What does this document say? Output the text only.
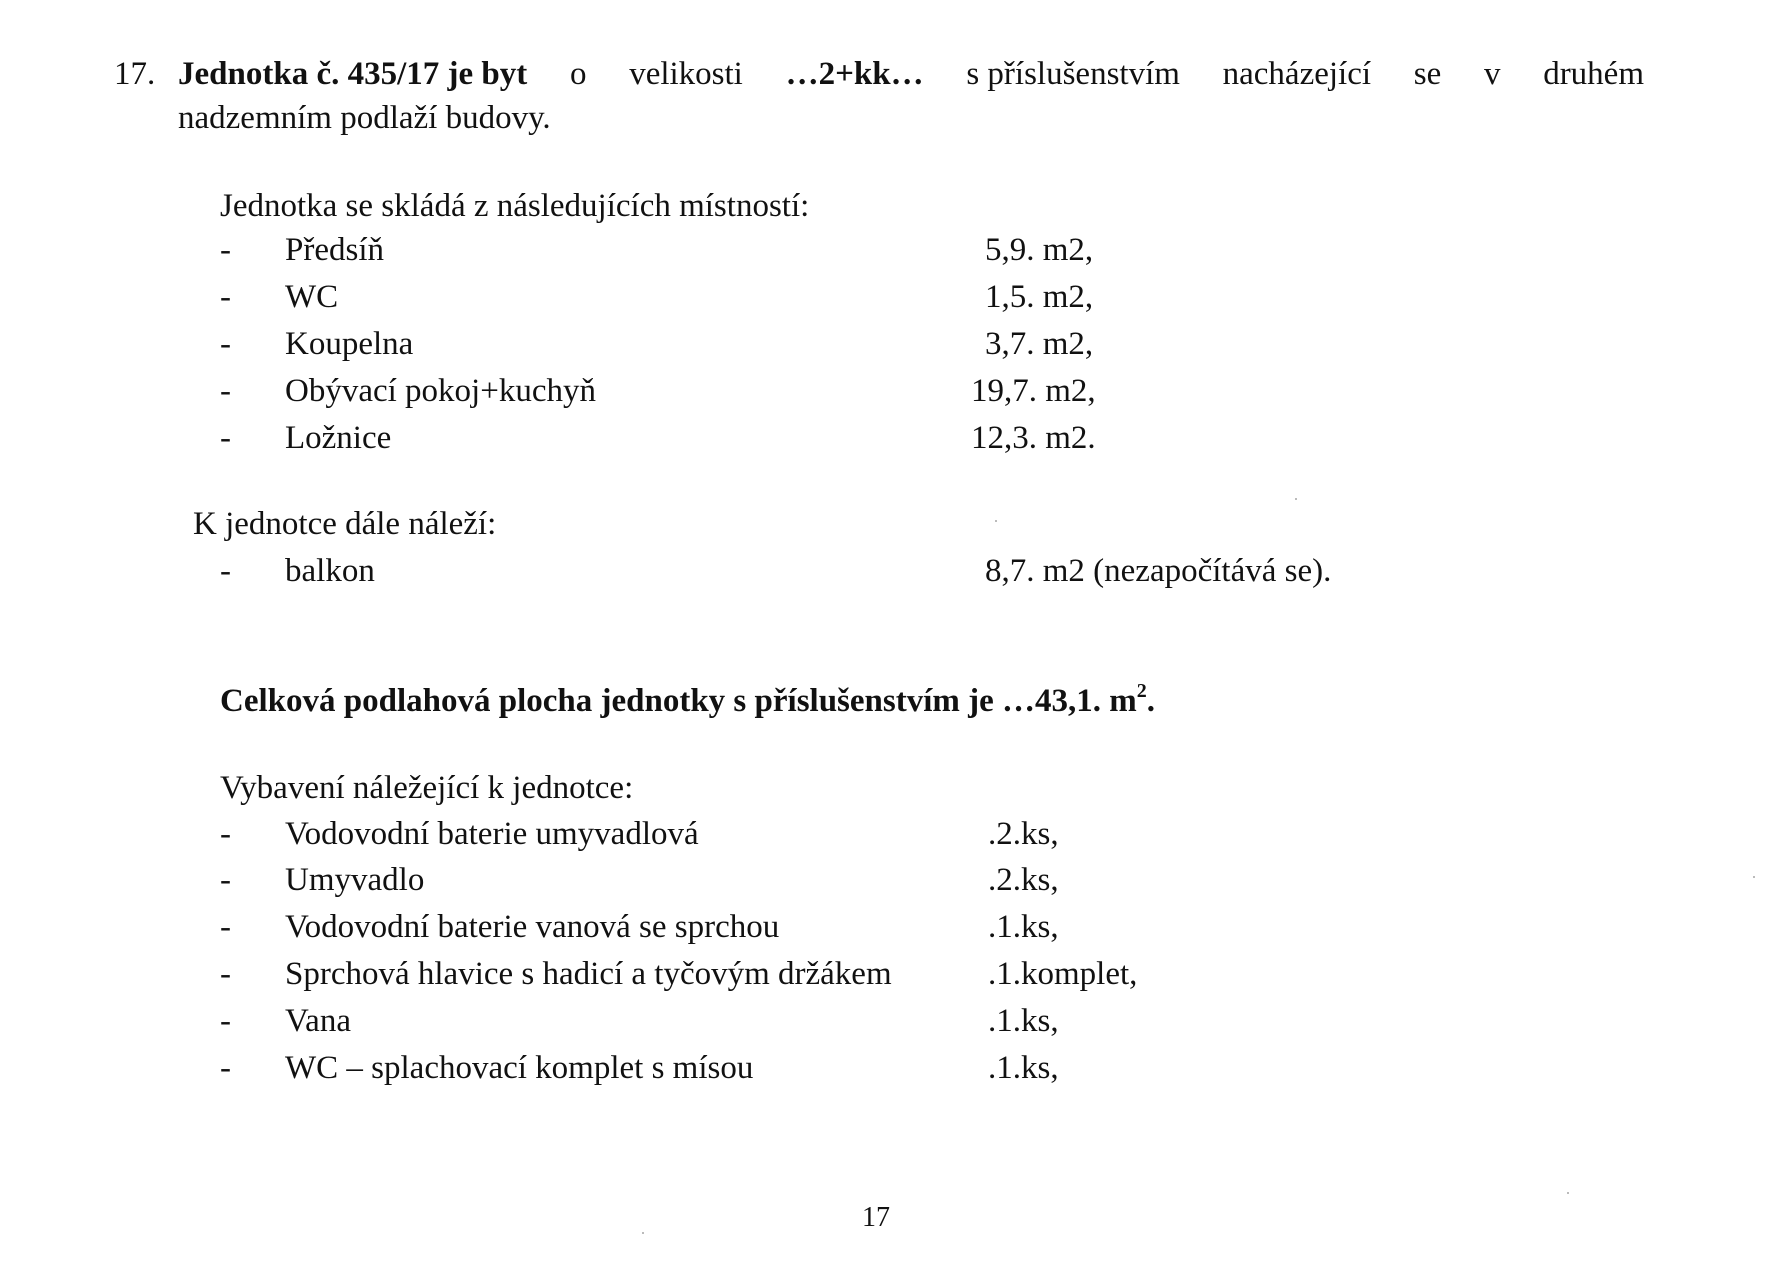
17. Jednotka č. 435/17 je byt o velikosti …2+kk… s příslušenstvím nacházející se v druhém
nadzemním podlaží budovy.
Jednotka se skládá z následujících místností:
- Předsíň	5,9. m2,
- WC	1,5. m2,
- Koupelna	3,7. m2,
- Obývací pokoj+kuchyň	19,7. m2,
- Ložnice	12,3. m2.
K jednotce dále náleží:
- balkon	8,7. m2 (nezapočítává se).
Celková podlahová plocha jednotky s příslušenstvím je …43,1. $m^2$.
Vybavení náležející k jednotce:
- Vodovodní baterie umyvadlová	.2.ks,
- Umyvadlo	.2.ks,
- Vodovodní baterie vanová se sprchou	.1.ks,
- Sprchová hlavice s hadicí a tyčovým držákem	.1.komplet,
- Vana	.1.ks,
- WC – splachovací komplet s mísou	.1.ks,
17
